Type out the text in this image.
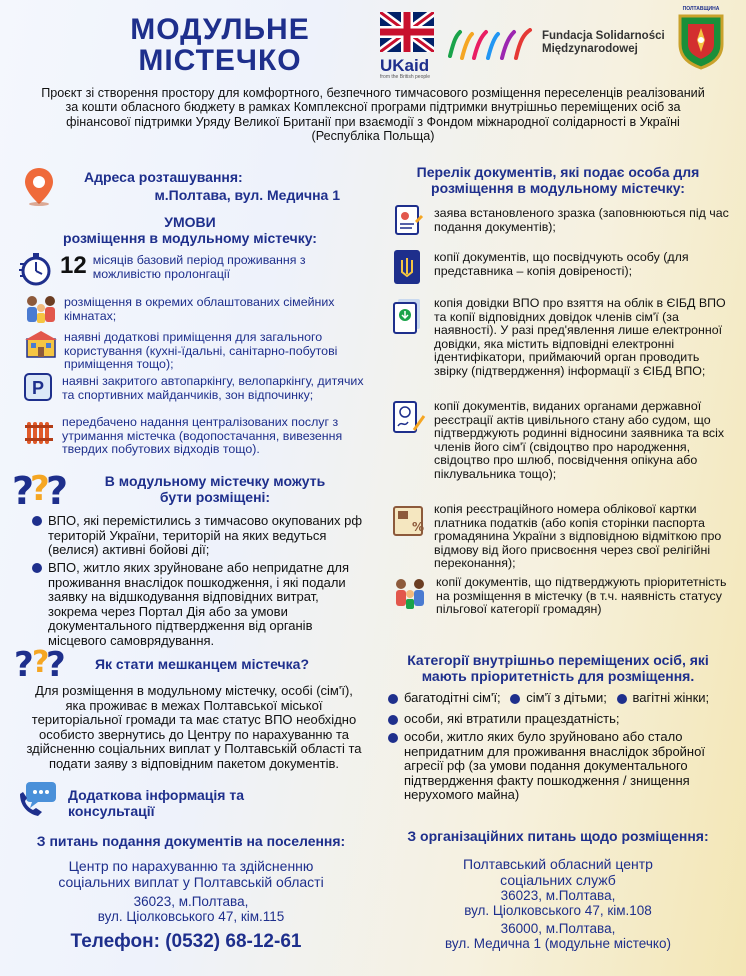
МОДУЛЬНЕ МІСТЕЧКО	UKaid
from the British people
Fundacja Solidarności
Międzynarodowej
ПОЛТАВЩИНА
Проєкт зі створення простору для комфортного, безпечного тимчасового розміщення переселенців реалізований за кошти обласного бюджету в рамках Комплексної програми підтримки внутрішньо переміщених осіб за фінансової підтримки Уряду Великої Британії при взаємодії з Фондом міжнародної солідарності в Україні (Республіка Польща)
Адреса розташування:
м.Полтава, вул. Медична 1
УМОВИ
розміщення в модульному містечку:
12 місяців базовий період проживання з можливістю пролонгації
розміщення в окремих облаштованих сімейних кімнатах;
наявні додаткові приміщення для загального користування (кухні-їдальні, санітарно-побутові приміщення тощо);
P наявні закритого автопаркінгу, велопаркінгу, дитячих та спортивних майданчиків, зон відпочинку;
передбачено надання централізованих послуг з утримання містечка (водопостачання, вивезення твердих побутових відходів тощо).
?
?
?	В модульному містечку можуть
бути розміщені:
ВПО, які перемістились з тимчасово окупованих рф територій України, територій на яких ведуться (велися) активні бойові дії;
ВПО, житло яких зруйноване або непридатне для проживання внаслідок пошкодження, і які подали заявку на відшкодування відповідних витрат, зокрема через Портал Дія або за умови документального підтвердження від органів місцевого самоврядування.
?
?
?	Як стати мешканцем містечка?
Для розміщення в модульному містечку, особі (сім'ї), яка проживає в межах Полтавської міської територіальної громади та має статус ВПО необхідно особисто звернутись до Центру по нарахуванню та здійсненню соціальних виплат у Полтавській області та подати заяву з відповідним пакетом документів.
Додаткова інформація та
консультації
З питань подання документів на поселення:
Центр по нарахуванню та здійсненню
соціальних виплат у Полтавській області
36023, м.Полтава,
вул. Ціолковського 47, кім.115
Телефон: (0532) 68-12-61
Перелік документів, які подає особа для
розміщення в модульному містечку:
заява встановленого зразка (заповнюються під час подання документів);
копії документів, що посвідчують особу (для представника – копія довіреності);
копія довідки ВПО про взяття на облік в ЄІБД ВПО та копії відповідних довідок членів сім'ї (за наявності). У разі пред'явлення лише електронної довідки, яка містить відповідні електронні ідентифікатори, приймаючий орган проводить звірку (підтвердження) інформації з ЄІБД ВПО;
копії документів, виданих органами державної реєстрації актів цивільного стану або судом, що підтверджують родинні відносини заявника та всіх членів його сім'ї (свідоцтво про народження, свідоцтво про шлюб, посвідчення опікуна або піклувальника тощо);
%
копія реєстраційного номера облікової картки платника податків (або копія сторінки паспорта громадянина України з відповідною відміткою про відмову від його присвоєння через свої релігійні переконання);
копії документів, що підтверджують пріоритетність на розміщення в містечку (в т.ч. наявність статусу пільгової категорії громадян)
Категорії внутрішньо переміщених осіб, які
мають пріоритетність для розміщення.
багатодітні сім'ї; сім'ї з дітьми; вагітні жінки;
особи, які втратили працездатність;
особи, житло яких було зруйновано або стало непридатним для проживання внаслідок збройної агресії рф (за умови подання документального підтвердження факту пошкодження / знищення нерухомого майна)
З організаційних питань щодо розміщення:
Полтавський обласний центр
соціальних служб
36023, м.Полтава,
вул. Ціолковського 47, кім.108
36000, м.Полтава,
вул. Медична 1 (модульне містечко)
